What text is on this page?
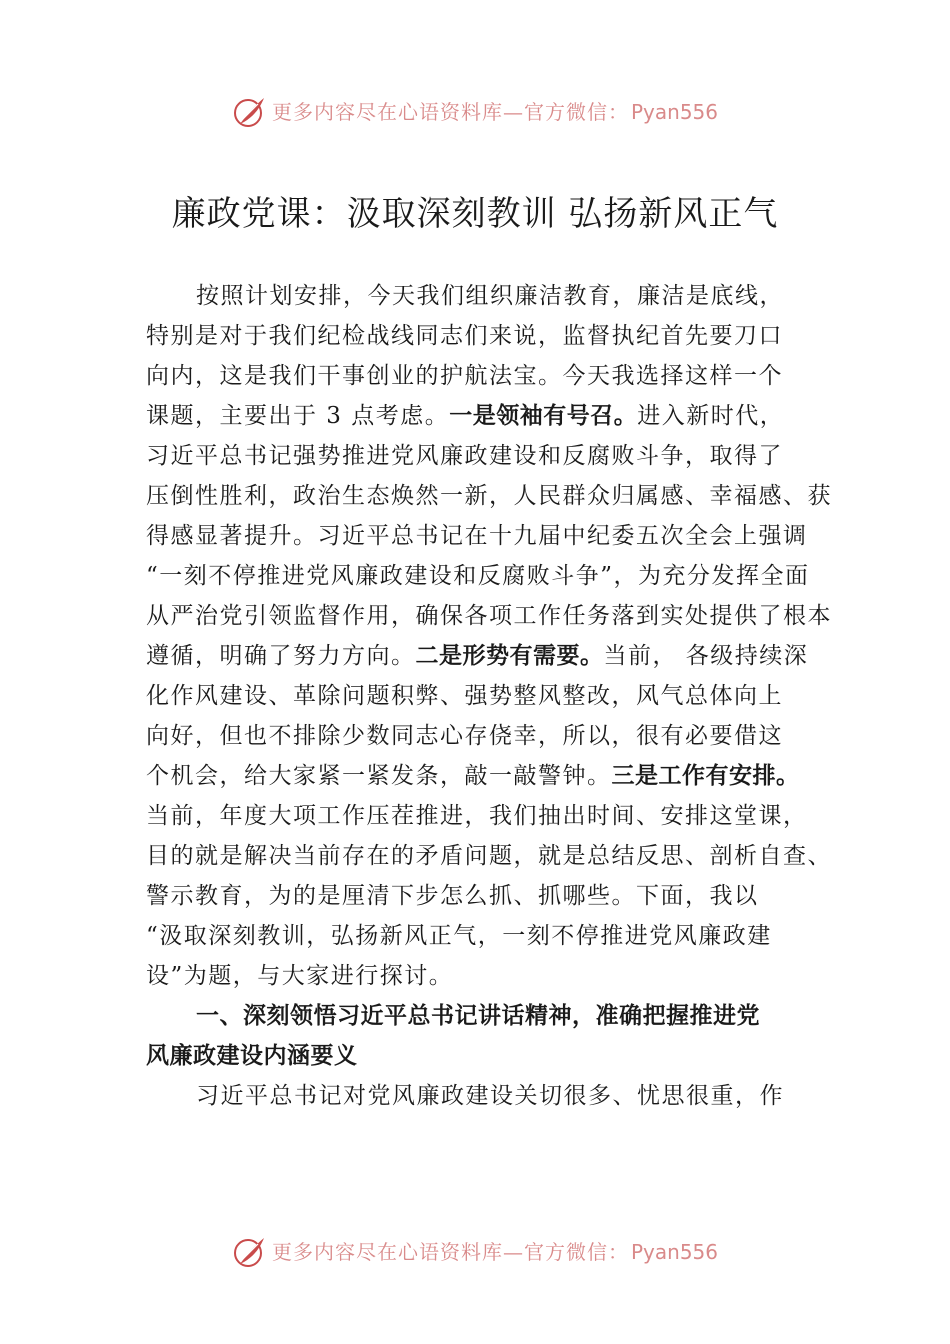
更多内容尽在心语资料库—官方微信： Pyan556
廉政党课：汲取深刻教训 弘扬新风正气
按照计划安排，今天我们组织廉洁教育，廉洁是底线，
特别是对于我们纪检战线同志们来说，监督执纪首先要刀口
向内，这是我们干事创业的护航法宝。今天我选择这样一个
课题，主要出于 3 点考虑。一是领袖有号召。进入新时代，
习近平总书记强势推进党风廉政建设和反腐败斗争，取得了
压倒性胜利，政治生态焕然一新，人民群众归属感、幸福感、获
得感显著提升。习近平总书记在十九届中纪委五次全会上强调
“一刻不停推进党风廉政建设和反腐败斗争”，为充分发挥全面
从严治党引领监督作用，确保各项工作任务落到实处提供了根本
遵循，明确了努力方向。二是形势有需要。当前， 各级持续深
化作风建设、革除问题积弊、强势整风整改，风气总体向上
向好，但也不排除少数同志心存侥幸，所以，很有必要借这
个机会，给大家紧一紧发条，敲一敲警钟。三是工作有安排。
当前，年度大项工作压茬推进，我们抽出时间、安排这堂课，
目的就是解决当前存在的矛盾问题，就是总结反思、剖析自查、
警示教育，为的是厘清下步怎么抓、抓哪些。下面，我以
“汲取深刻教训，弘扬新风正气，一刻不停推进党风廉政建
设”为题，与大家进行探讨。
一、深刻领悟习近平总书记讲话精神，准确把握推进党
风廉政建设内涵要义
习近平总书记对党风廉政建设关切很多、忧思很重，作
更多内容尽在心语资料库—官方微信： Pyan556
